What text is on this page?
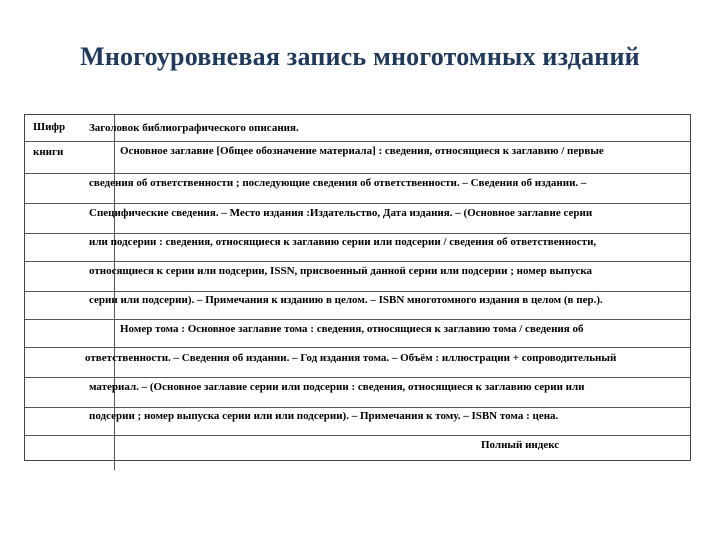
Многоуровневая запись многотомных изданий
Шифр
книги
Заголовок библиографического описания.
Основное заглавие [Общее обозначение материала] : сведения, относящиеся к заглавию / первые
сведения об ответственности ; последующие сведения об ответственности. – Сведения об издании. –
Специфические сведения. – Место издания :Издательство, Дата издания. – (Основное заглавие серии
или подсерии : сведения, относящиеся к заглавию серии или подсерии / сведения об ответственности,
относящиеся к серии или подсерии, ISSN, присвоенный данной серии или подсерии ; номер выпуска
серии или подсерии). – Примечания к изданию в целом. – ISBN многотомного издания в целом (в пер.).
Номер тома : Основное заглавие тома : сведения, относящиеся к заглавию тома / сведения об
ответственности. – Сведения об издании. – Год издания тома. – Объём : иллюстрации + сопроводительный
материал. – (Основное заглавие серии или подсерии : сведения, относящиеся к заглавию серии или
подсерии ; номер выпуска серии или или подсерии). – Примечания к тому. – ISBN тома : цена.
Полный индекс
